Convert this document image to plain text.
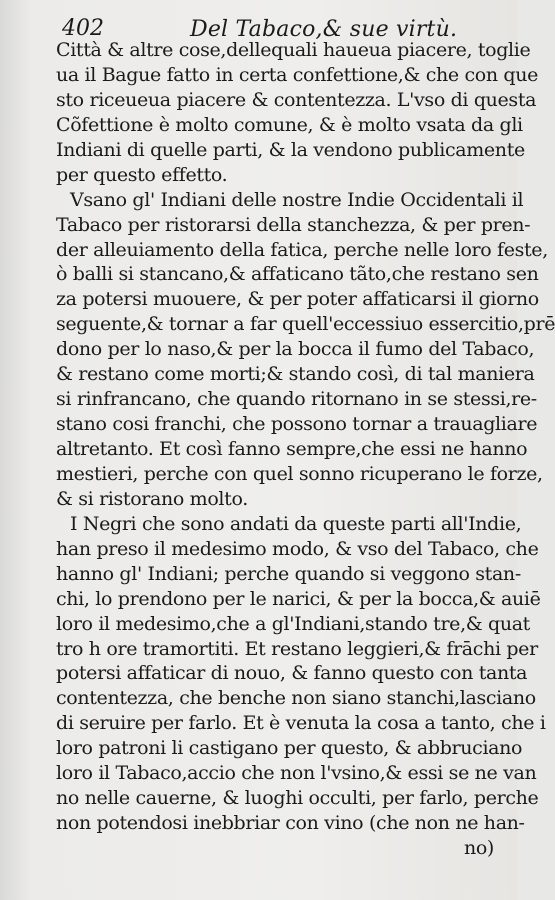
402	Del Tabaco,& sue virtù.
Città & altre cose,dellequali haueua piacere, toglie
ua il Bague fatto in certa confettione,& che con que
sto riceueua piacere & contentezza. L'vso di questa
Cõfettione è molto comune, & è molto vsata da gli
Indiani di quelle parti, & la vendono publicamente
per questo effetto.
Vsano gl' Indiani delle nostre Indie Occidentali il
Tabaco per ristorarsi della stanchezza, & per pren-
der alleuiamento della fatica, perche nelle loro feste,
ò balli si stancano,& affaticano tãto,che restano sen
za potersi muouere, & per poter affaticarsi il giorno
seguente,& tornar a far quell'eccessiuo essercitio,prē
dono per lo naso,& per la bocca il fumo del Tabaco,
& restano come morti;& stando così, di tal maniera
si rinfrancano, che quando ritornano in se stessi,re-
stano cosi franchi, che possono tornar a trauagliare
altretanto. Et così fanno sempre,che essi ne hanno
mestieri, perche con quel sonno ricuperano le forze,
& si ristorano molto.
I Negri che sono andati da queste parti all'Indie,
han preso il medesimo modo, & vso del Tabaco, che
hanno gl' Indiani; perche quando si veggono stan-
chi, lo prendono per le narici, & per la bocca,& auiē
loro il medesimo,che a gl'Indiani,stando tre,& quat
tro h ore tramortiti. Et restano leggieri,& frāchi per
potersi affaticar di nouo, & fanno questo con tanta
contentezza, che benche non siano stanchi,lasciano
di seruire per farlo. Et è venuta la cosa a tanto, che i
loro patroni li castigano per questo, & abbruciano
loro il Tabaco,accio che non l'vsino,& essi se ne van
no nelle cauerne, & luoghi occulti, per farlo, perche
non potendosi inebbriar con vino (che non ne han-
no)
